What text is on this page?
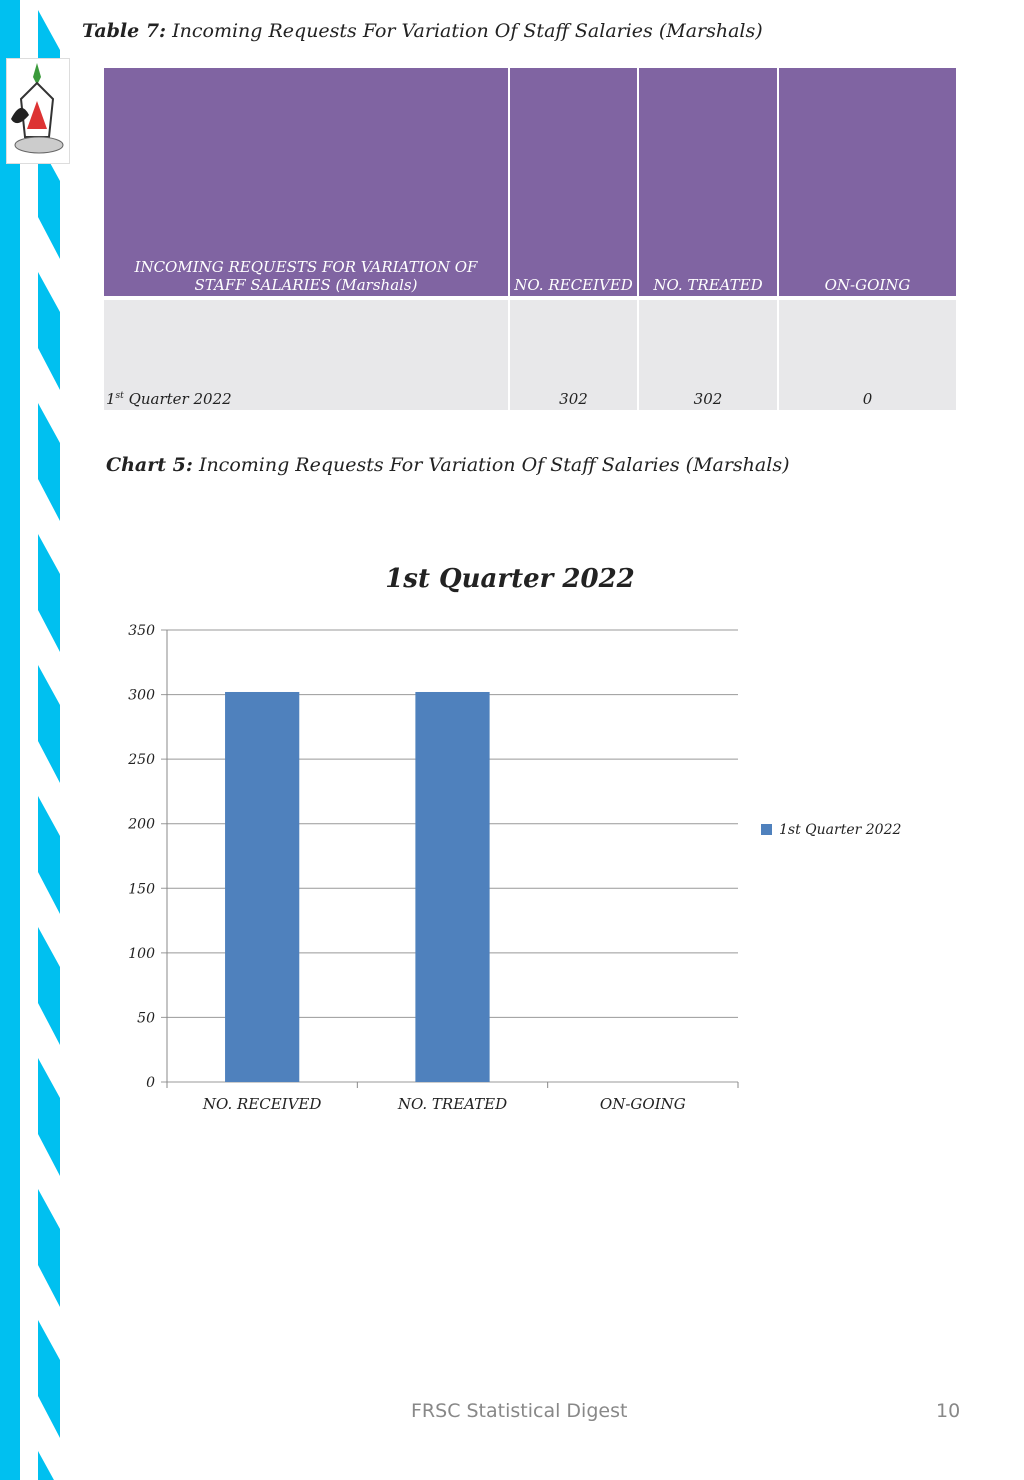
Table 7: Incoming Requests For Variation Of Staff Salaries (Marshals)
INCOMING REQUESTS FOR VARIATION OF STAFF SALARIES (Marshals)	NO. RECEIVED	NO. TREATED	ON-GOING
1st Quarter 2022	302	302	0
Chart 5: Incoming Requests For Variation Of Staff Salaries (Marshals)
1st Quarter 2022
0
50
100
150
200
250
300
350
NO. RECEIVED	NO. TREATED	ON-GOING
1st Quarter 2022
FRSC Statistical Digest	10
